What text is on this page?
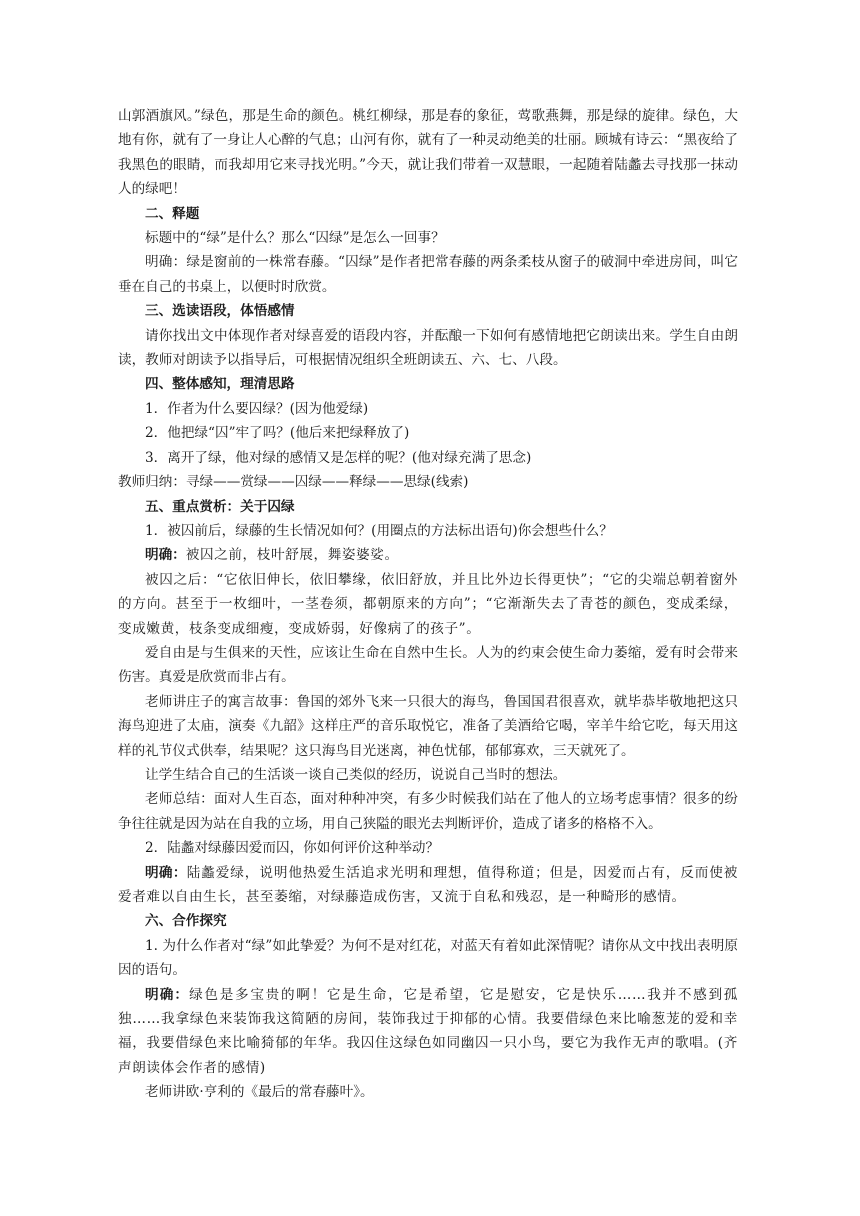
山郭酒旗风。”绿色，那是生命的颜色。桃红柳绿，那是春的象征，莺歌燕舞，那是绿的旋律。绿色，大地有你，就有了一身让人心醉的气息；山河有你，就有了一种灵动绝美的壮丽。顾城有诗云：“黑夜给了我黑色的眼睛，而我却用它来寻找光明。”今天，就让我们带着一双慧眼，一起随着陆蠡去寻找那一抹动人的绿吧！

二、释题

标题中的“绿”是什么？那么“囚绿”是怎么一回事？

明确：绿是窗前的一株常春藤。“囚绿”是作者把常春藤的两条柔枝从窗子的破洞中牵进房间，叫它垂在自己的书桌上，以便时时欣赏。

三、选读语段，体悟感情

请你找出文中体现作者对绿喜爱的语段内容，并酝酿一下如何有感情地把它朗读出来。学生自由朗读，教师对朗读予以指导后，可根据情况组织全班朗读五、六、七、八段。

四、整体感知，理清思路

1．作者为什么要囚绿？(因为他爱绿)

2．他把绿“囚”牢了吗？(他后来把绿释放了)

3．离开了绿，他对绿的感情又是怎样的呢？(他对绿充满了思念)

教师归纳：寻绿——赏绿——囚绿——释绿——思绿(线索)

五、重点赏析：关于囚绿

1．被囚前后，绿藤的生长情况如何？(用圈点的方法标出语句)你会想些什么？

明确：被囚之前，枝叶舒展，舞姿婆娑。

被囚之后：“它依旧伸长，依旧攀缘，依旧舒放，并且比外边长得更快”；“它的尖端总朝着窗外的方向。甚至于一枚细叶，一茎卷须，都朝原来的方向”；“它渐渐失去了青苍的颜色，变成柔绿，变成嫩黄，枝条变成细瘦，变成娇弱，好像病了的孩子”。

爱自由是与生俱来的天性，应该让生命在自然中生长。人为的约束会使生命力萎缩，爱有时会带来伤害。真爱是欣赏而非占有。

老师讲庄子的寓言故事：鲁国的郊外飞来一只很大的海鸟，鲁国国君很喜欢，就毕恭毕敬地把这只海鸟迎进了太庙，演奏《九韶》这样庄严的音乐取悦它，准备了美酒给它喝，宰羊牛给它吃，每天用这样的礼节仪式供奉，结果呢？这只海鸟目光迷离，神色忧郁，郁郁寡欢，三天就死了。

让学生结合自己的生活谈一谈自己类似的经历，说说自己当时的想法。

老师总结：面对人生百态，面对种种冲突，有多少时候我们站在了他人的立场考虑事情？很多的纷争往往就是因为站在自我的立场，用自己狭隘的眼光去判断评价，造成了诸多的格格不入。

2．陆蠡对绿藤因爱而囚，你如何评价这种举动？

明确：陆蠡爱绿，说明他热爱生活追求光明和理想，值得称道；但是，因爱而占有，反而使被爱者难以自由生长，甚至萎缩，对绿藤造成伤害，又流于自私和残忍，是一种畸形的感情。

六、合作探究

1. 为什么作者对“绿”如此挚爱？为何不是对红花，对蓝天有着如此深情呢？请你从文中找出表明原因的语句。

明确：绿色是多宝贵的啊！它是生命，它是希望，它是慰安，它是快乐……我并不感到孤独……我拿绿色来装饰我这简陋的房间，装饰我过于抑郁的心情。我要借绿色来比喻葱茏的爱和幸福，我要借绿色来比喻猗郁的年华。我囚住这绿色如同幽囚一只小鸟，要它为我作无声的歌唱。(齐声朗读体会作者的感情)

老师讲欧·亨利的《最后的常春藤叶》。
